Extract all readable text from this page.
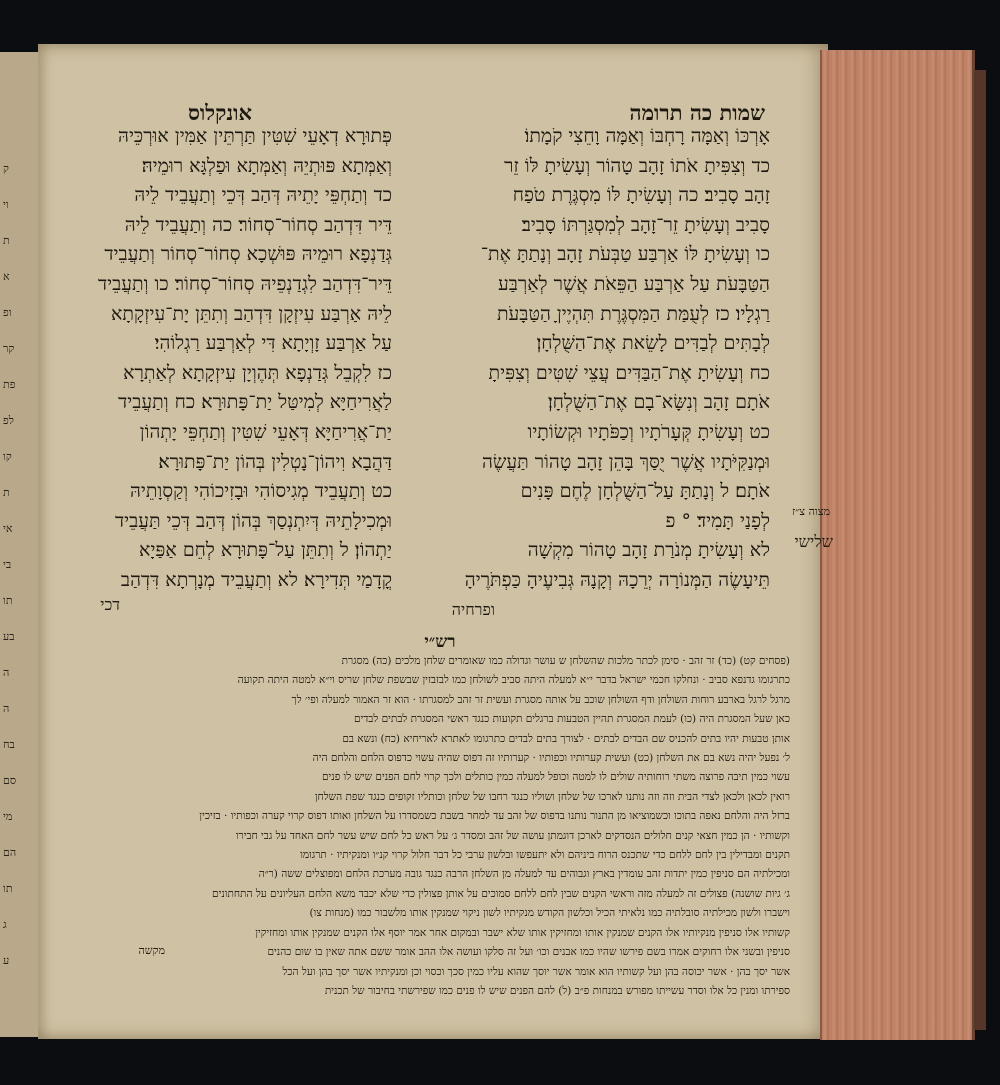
ק
וי
ת
א
ופ
קר
פת
לפ
קו
ת
אי
בי
תו
בע
ה
ה
בח
סם
מי
הם
תו
ג
ע
שמות כה תרומה
אונקלוס

אָרְכּוֹ וְאַמָּה רָחְבּוֹ וְאַמָּה וָחֵצִי קֹמָתוֹ׃

כד וְצִפִּיתָ אֹתוֹ זָהָב טָהוֹר וְעָשִׂיתָ לּוֹ זֵר

זָהָב סָבִיב׃ כה וְעָשִׂיתָ לּוֹ מִסְגֶּרֶת טֹפַח

סָבִיב וְעָשִׂיתָ זֵר־זָהָב לְמִסְגַּרְתּוֹ סָבִיב׃

כו וְעָשִׂיתָ לּוֹ אַרְבַּע טַבְּעֹת זָהָב וְנָתַתָּ אֶת־

הַטַּבָּעֹת עַל אַרְבַּע הַפֵּאֹת אֲשֶׁר לְאַרְבַּע

רַגְלָיו׃ כז לְעֻמַּת הַמִּסְגֶּרֶת תִּהְיֶיןָ הַטַּבָּעֹת

לְבָתִּים לְבַדִּים לָשֵׂאת אֶת־הַשֻּׁלְחָן׃

כח וְעָשִׂיתָ אֶת־הַבַּדִּים עֲצֵי שִׁטִּים וְצִפִּיתָ

אֹתָם זָהָב וְנִשָּׂא־בָם אֶת־הַשֻּׁלְחָן׃

כט וְעָשִׂיתָ קְּעָרֹתָיו וְכַפֹּתָיו וּקְשׂוֹתָיו

וּמְנַקִּיֹּתָיו אֲשֶׁר יֻסַּךְ בָּהֵן זָהָב טָהוֹר תַּעֲשֶׂה

אֹתָם׃ ל וְנָתַתָּ עַל־הַשֻּׁלְחָן לֶחֶם פָּנִים

לְפָנַי תָּמִיד׃ ° פ

לא וְעָשִׂיתָ מְנֹרַת זָהָב טָהוֹר מִקְשָׁה

תֵּיעָשֶׂה הַמְּנוֹרָה יְרֵכָהּ וְקָנָהּ גְּבִיעֶיהָ כַּפְתֹּרֶיהָ

פְּתוּרָא דְאָעֵי שִׁטִּין תַּרְתֵּין אַמִּין אוּרְכֵּיהּ

וְאַמְּתָא פּוּתְיֵהּ וְאַמְּתָא וּפַלְגָּא רוּמֵיהּ׃

כד וְתַחְפֵּי יָתֵיהּ דְּהַב דְּכֵי וְתַעֲבֵיד לֵיהּ

דֵּיר דִּדְהַב סְחוֹר־סְחוֹר׃ כה וְתַעֲבֵיד לֵיהּ

גְּדַנְפָא רוּמֵיהּ פּוּשְׁכָא סְחוֹר־סְחוֹר וְתַעֲבֵיד

דֵּיר־דִּדְהַב לִגְדַנְפֵיהּ סְחוֹר־סְחוֹר׃ כו וְתַעֲבֵיד

לֵיהּ אַרְבַּע עִיזְקָן דִּדְהַב וְתִתֵּן יָת־עִיזְקָתָא

עַל אַרְבַּע זָוְיָתָא דִּי לְאַרְבַּע רַגְלוֹהִי׃

כז לִקְבֵל גְּדַנְפָא תְּהֶוְיָן עִיזְקָתָא לְאַתְרָא

לַאֲרִיחַיָּא לְמִיטַּל יַת־פָּתוּרָא׃ כח וְתַעֲבֵיד

יַת־אֲרִיחַיָּא דְּאָעֵי שִׁטִּין וְתַחְפֵּי יָתְהוֹן

דַּהֲבָא וִיהוֹן־נָטְלִין בְּהוֹן יַת־פָּתוּרָא׃

כט וְתַעֲבֵיד מְגִיסוֹהִי וּבָזִיכוֹהִי וְקַסְוָתֵיהּ

וּמְכִילָתֵיהּ דְּיִתְנְסַךְ בְּהוֹן דְּהַב דְּכֵי תַּעֲבֵיד

יַתְהוֹן׃ ל וְתִתֵּן עַל־פָּתוּרָא לְחֵם אַפַּיָא

קֳדָמַי תְּדִירָא׃ לא וְתַעֲבֵיד מְנָרְתָא דִּדְהַב

מצוה צ״ז
שלישי
ופרחיה
דכי
רש״י

(פסחים קט) (כד) זר זהב · סימן לכתר מלכות שהשלחן ש עושר וגדולה כמו שאומרים שלחן מלכים (כה) מסגרת

כתרגומו גדנפא סביב · ונחלקו חכמי ישראל בדבר י״א למעלה היתה סביב לשולחן כמו לבזבזין שבשפת שלחן שריס וי״א למטה היתה תקועה

מרגל לרגל בארבע רוחות השולחן ודף השולחן שוכב על אותה מסגרת ועשית זר זהב למסגרתו · הוא זר האמור למעלה ופי׳ לך

כאן שעל המסגרת היה (כו) לעמת המסגרת תהיין הטבעות ברגלים תקועות כנגד ראשי המסגרת לבתים לבדים

אותן טבעות יהיו בתים להכניס שם הבדים לבתים · לצורך בתים לבדים כתרגומו לאתרא לאריחיא (כח) ונשא בם

ל׳ נפעל יהיה נשא בם את השלחן (כט) ועשית קערותיו וכפותיו · קערותיו זה דפוס שהיה עשוי כדפוס הלחם והלחם היה

עשוי כמין תיבה פרוצה משתי רוחותיה שולים לו למטה וכופל למעלה כמין כותלים ולכך קרוי לחם הפנים שיש לו פנים

רואין לכאן ולכאן לצדי הבית וזה וזה נותנו לארכו של שלחן ושוליו כנגד רחבו של שלחן וכותליו זקופים כנגד שפת השלחן

ברזל היה והלחם נאפה בתוכו וכשמוציאו מן התנור נותנו בדפוס של זהב עד למחר בשבת כשמסדרו על השלחן ואותו דפוס קרוי קערה וכפותיו · בזיכין

וקשותיו · הן כמין חצאי קנים חלולים הנסדקים לארכן דוגמתן עושה של זהב ומסדר ג׳ על ראש כל לחם שיש עשר לחם האחד על גבי חבירו

תקנים ומבדילין בין לחם ללחם כדי שתכנס הרוח ביניהם ולא יתעפשו ובלשון ערבי כל דבר חלול קרוי קנ״ו ומנקיתיו · תרגומו

ומכילתיה הם סניפין כמין יתדות זהב עומדין בארץ וגבוהים עד למעלה מן השלחן הרבה כנגד גובה מערכת הלחם ומפוצלים ששה (ר״ה

ג׳ גיות שושנה) פצולים זה למעלה מזה וראשי הקנים שבין לחם ללחם סמוכים על אותן פצולין כדי שלא יכבד משא הלחם העליונים על התחתונים

וישברו ולשון מכילתיה סובלתיה כמו נלאיתי הכיל וכלשון הקודש מנקיתיו לשון ניקוי שמנקין אותו מלשבור כמו (מנחות צו)

קשותיו אלו סניפין מנקיותיו אלו הקנים שמנקין אותו ומחזיקין אותו שלא ישבר ובמקום אחר אמר יוסף אלו הקנים שמנקין אותו ומחזיקין

סניפין ובשני אלו רחוקים אמרו בשם פירשו שהיו כמו אבנים וכו׳ ועל זה סלקו ועושה אלו ההב אומר ששם אתה שאין בו שום כהנים

אשר יסך בהן · אשר יכוסה בהן ועל קשותיו הוא אומר אשר יוסך שהוא עליו כמין סכך וכסוי וכן ומנקיתיו אשר יסך בהן ועל הכל

ספירתו ומנין כל אלו וסדר עשייתו מפורש במנחות פ״ב (ל) להם הפנים שיש לו פנים כמו שפירשתי בחיבור של תכנית

מקשה
